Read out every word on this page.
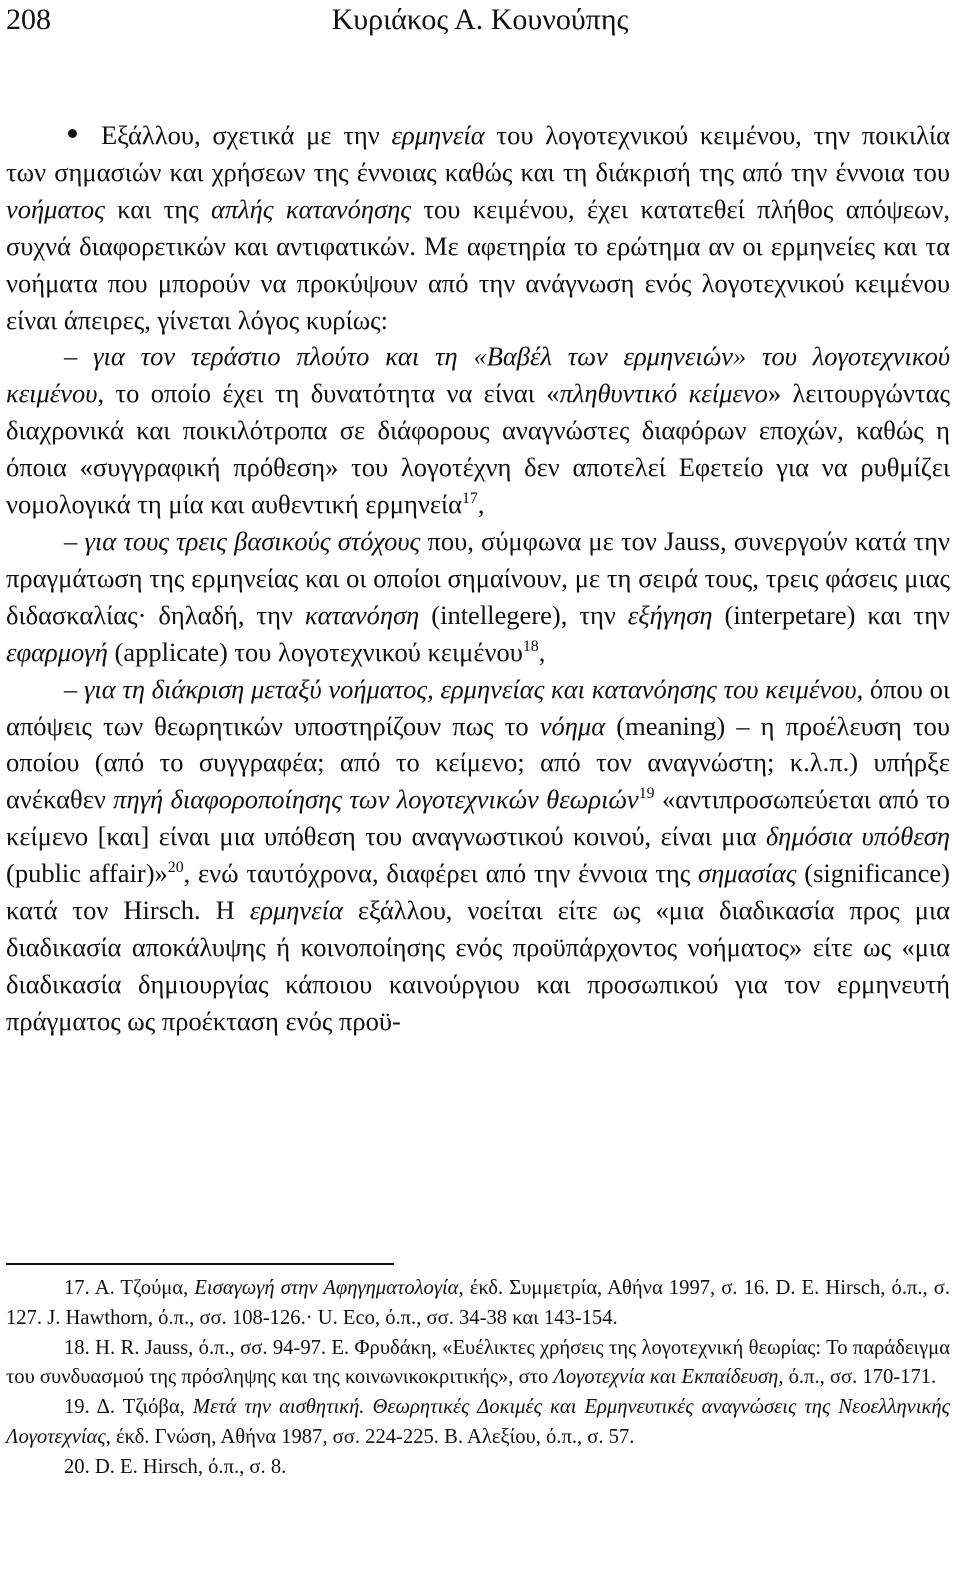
208	Κυριάκος Α. Κουνούπης

Εξάλλου, σχετικά με την ερμηνεία του λογοτεχνικού κειμένου, την ποικιλία των σημασιών και χρήσεων της έννοιας καθώς και τη διάκρισή της από την έννοια του νοήματος και της απλής κατανόησης του κειμένου, έχει κατατεθεί πλήθος απόψεων, συχνά διαφορετικών και αντιφατικών. Με αφετηρία το ερώτημα αν οι ερμηνείες και τα νοήματα που μπορούν να προκύψουν από την ανάγνωση ενός λογοτεχνικού κειμένου είναι άπειρες, γίνεται λόγος κυρίως:

– για τον τεράστιο πλούτο και τη «Βαβέλ των ερμηνειών» του λογοτεχνικού κειμένου, το οποίο έχει τη δυνατότητα να είναι «πληθυντικό κείμενο» λειτουργώντας διαχρονικά και ποικιλότροπα σε διάφορους αναγνώστες διαφόρων εποχών, καθώς η όποια «συγγραφική πρόθεση» του λογοτέχνη δεν αποτελεί Εφετείο για να ρυθμίζει νομολογικά τη μία και αυθεντική ερμηνεία$^{17}$,

– για τους τρεις βασικούς στόχους που, σύμφωνα με τον Jauss, συνεργούν κατά την πραγμάτωση της ερμηνείας και οι οποίοι σημαίνουν, με τη σειρά τους, τρεις φάσεις μιας διδασκαλίας· δηλαδή, την κατανόηση (intellegere), την εξήγηση (interpetare) και την εφαρμογή (applicate) του λογοτεχνικού κειμένου$^{18}$,

– για τη διάκριση μεταξύ νοήματος, ερμηνείας και κατανόησης του κειμένου, όπου οι απόψεις των θεωρητικών υποστηρίζουν πως το νόημα (meaning) – η προέλευση του οποίου (από το συγγραφέα; από το κείμενο; από τον αναγνώστη; κ.λ.π.) υπήρξε ανέκαθεν πηγή διαφοροποίησης των λογοτεχνικών θεωριών$^{19}$ «αντιπροσωπεύεται από το κείμενο [και] είναι μια υπόθεση του αναγνωστικού κοινού, είναι μια δημόσια υπόθεση (public affair)»$^{20}$, ενώ ταυτόχρονα, διαφέρει από την έννοια της σημασίας (significance) κατά τον Hirsch. Η ερμηνεία εξάλλου, νοείται είτε ως «μια διαδικασία προς μια διαδικασία αποκάλυψης ή κοινοποίησης ενός προϋπάρχοντος νοήματος» είτε ως «μια διαδικασία δημιουργίας κάποιου καινούργιου και προσωπικού για τον ερμηνευτή πράγματος ως προέκταση ενός προϋ-

17. Α. Τζούμα, Εισαγωγή στην Αφηγηματολογία, έκδ. Συμμετρία, Αθήνα 1997, σ. 16. D. E. Hirsch, ό.π., σ. 127. J. Hawthorn, ό.π., σσ. 108-126.· U. Eco, ό.π., σσ. 34-38 και 143-154.

18. H. R. Jauss, ό.π., σσ. 94-97. Ε. Φρυδάκη, «Ευέλικτες χρήσεις της λογοτεχνική θεωρίας: Το παράδειγμα του συνδυασμού της πρόσληψης και της κοινωνικοκριτικής», στο Λογοτεχνία και Εκπαίδευση, ό.π., σσ. 170-171.

19. Δ. Τζιόβα, Μετά την αισθητική. Θεωρητικές Δοκιμές και Ερμηνευτικές αναγνώσεις της Νεοελληνικής Λογοτεχνίας, έκδ. Γνώση, Αθήνα 1987, σσ. 224-225. Β. Αλεξίου, ό.π., σ. 57.

20. D. E. Hirsch, ό.π., σ. 8.
